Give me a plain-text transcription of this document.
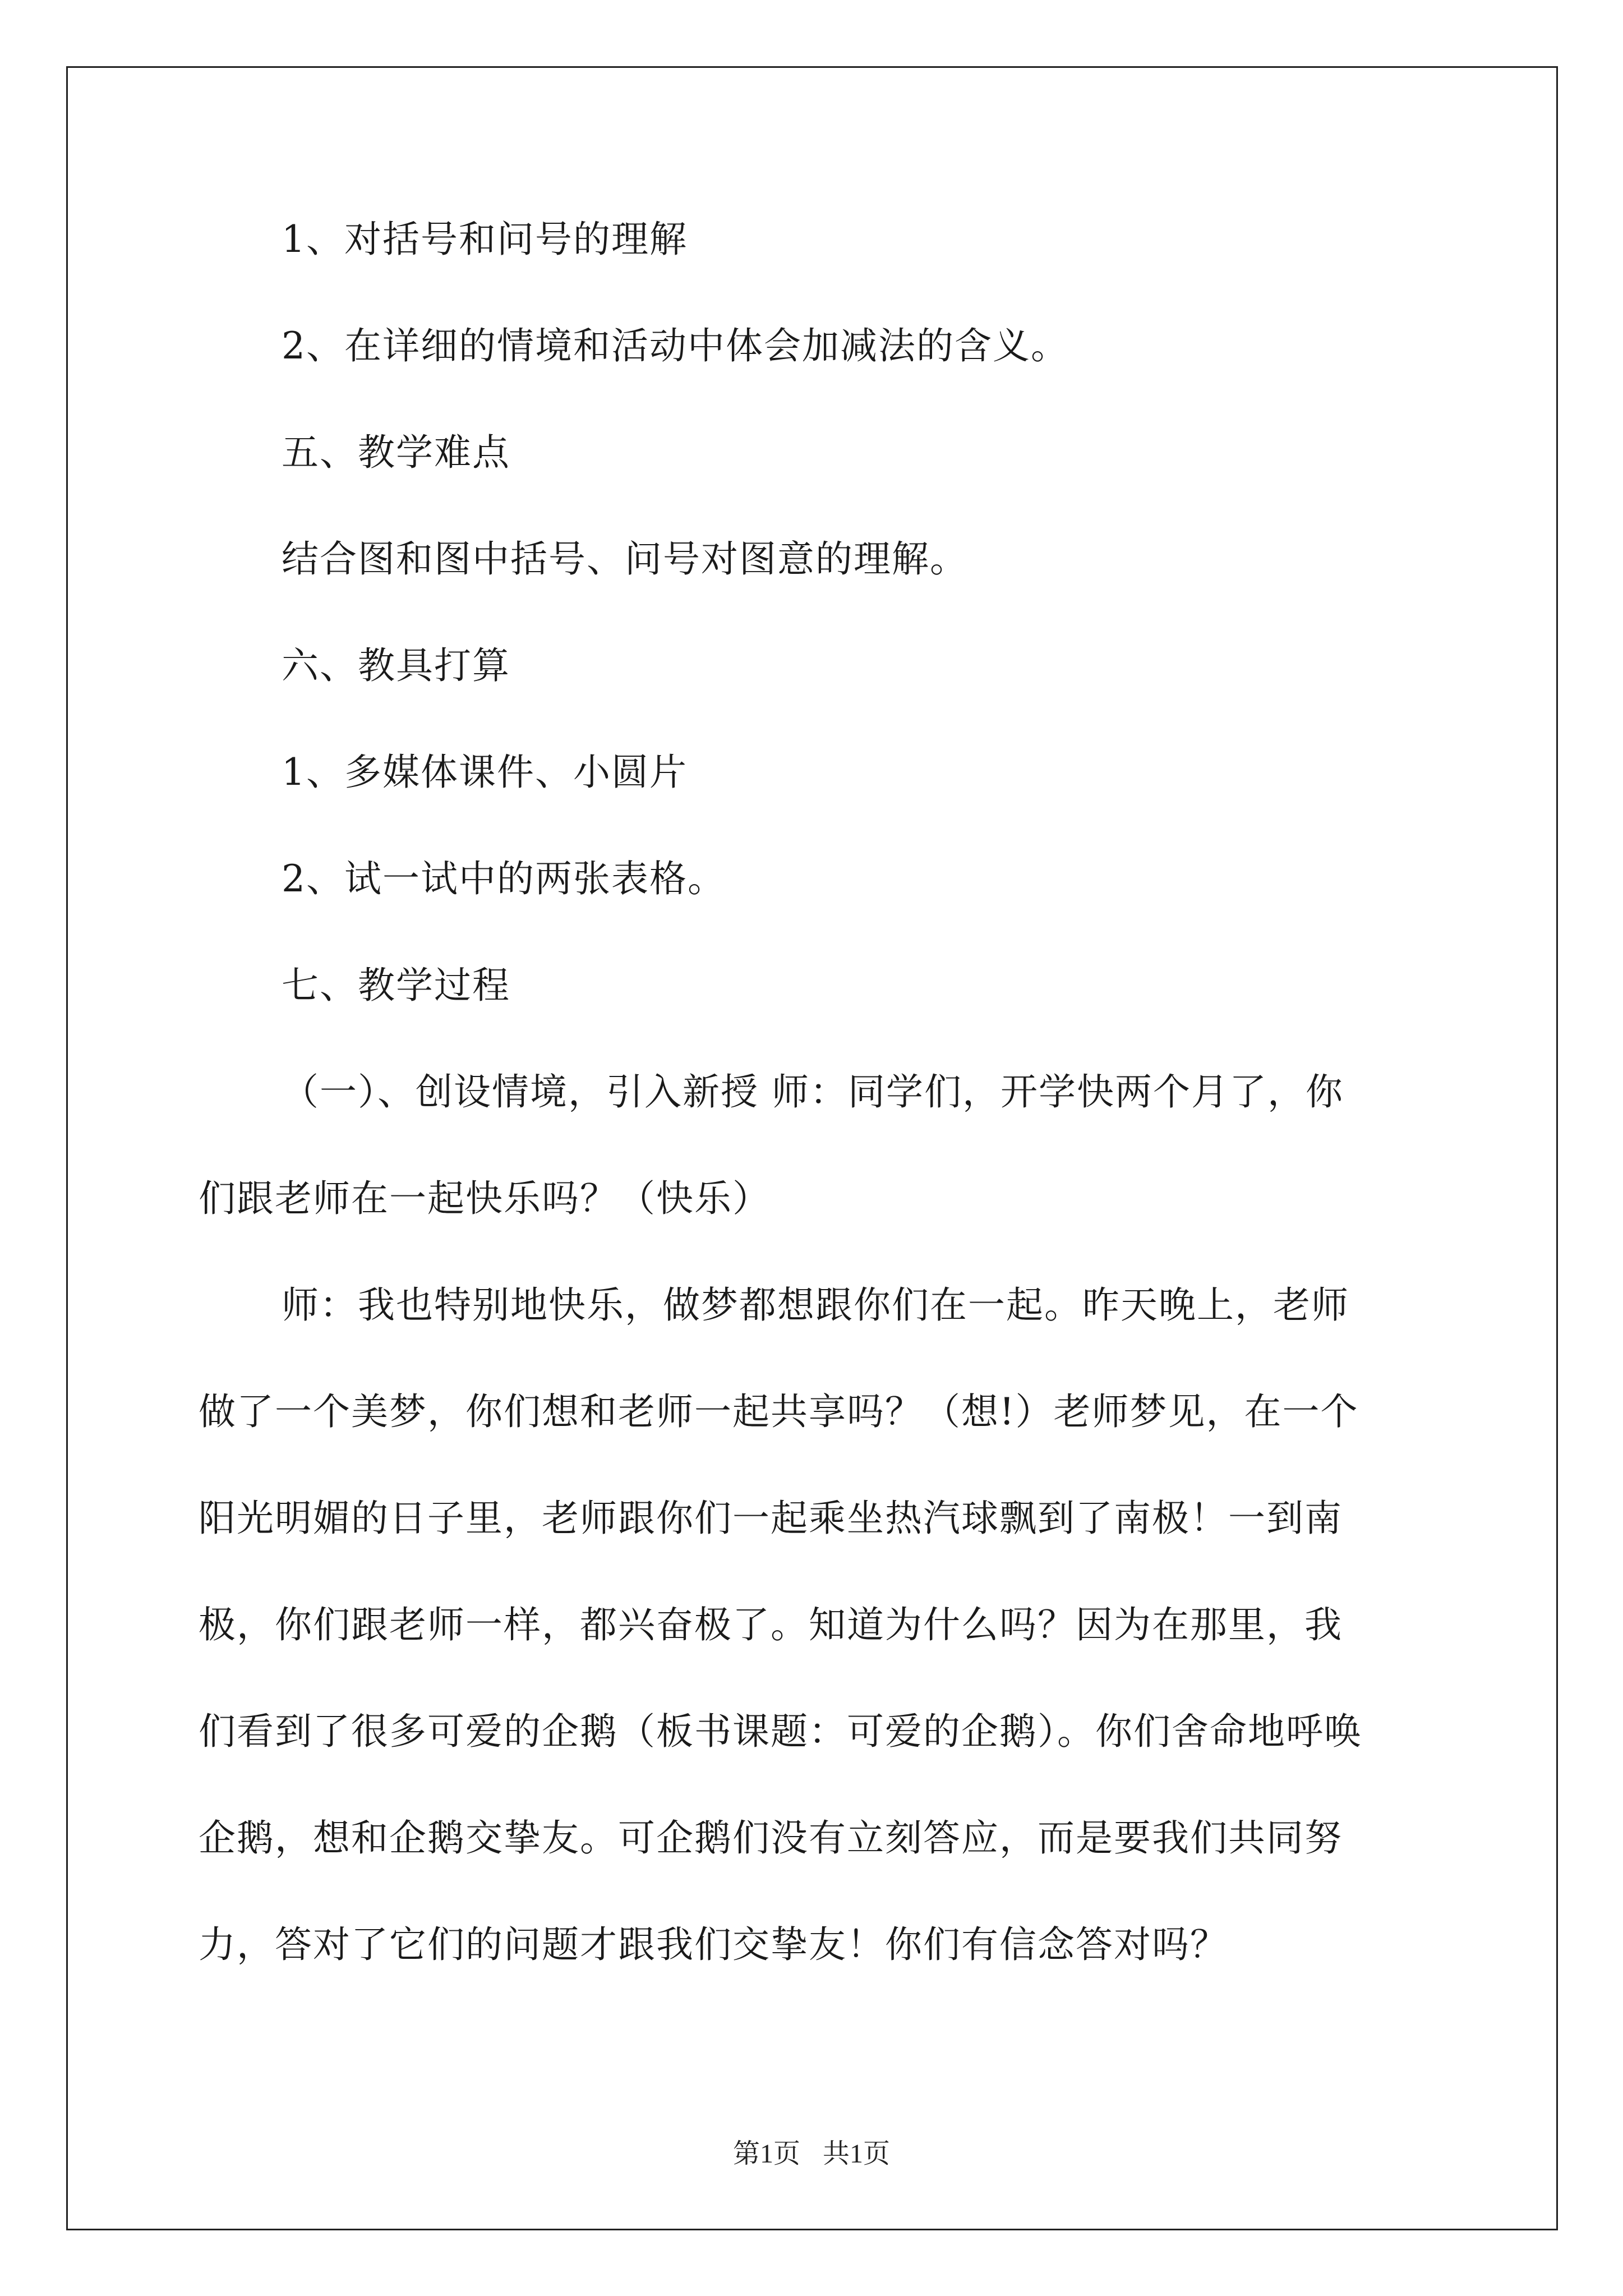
1、对括号和问号的理解

2、在详细的情境和活动中体会加减法的含义。

五、教学难点

结合图和图中括号、问号对图意的理解。

六、教具打算

1、多媒体课件、小圆片

2、试一试中的两张表格。

七、教学过程

（一）、创设情境，引入新授 师：同学们，开学快两个月了，你
们跟老师在一起快乐吗？（快乐）
师：我也特别地快乐，做梦都想跟你们在一起。昨天晚上，老师
做了一个美梦，你们想和老师一起共享吗？（想!）老师梦见，在一个
阳光明媚的日子里，老师跟你们一起乘坐热汽球飘到了南极！一到南
极，你们跟老师一样，都兴奋极了。知道为什么吗？因为在那里，我
们看到了很多可爱的企鹅（板书课题：可爱的企鹅）。你们舍命地呼唤
企鹅，想和企鹅交挚友。可企鹅们没有立刻答应，而是要我们共同努
力，答对了它们的问题才跟我们交挚友！你们有信念答对吗？
第1页 共1页
